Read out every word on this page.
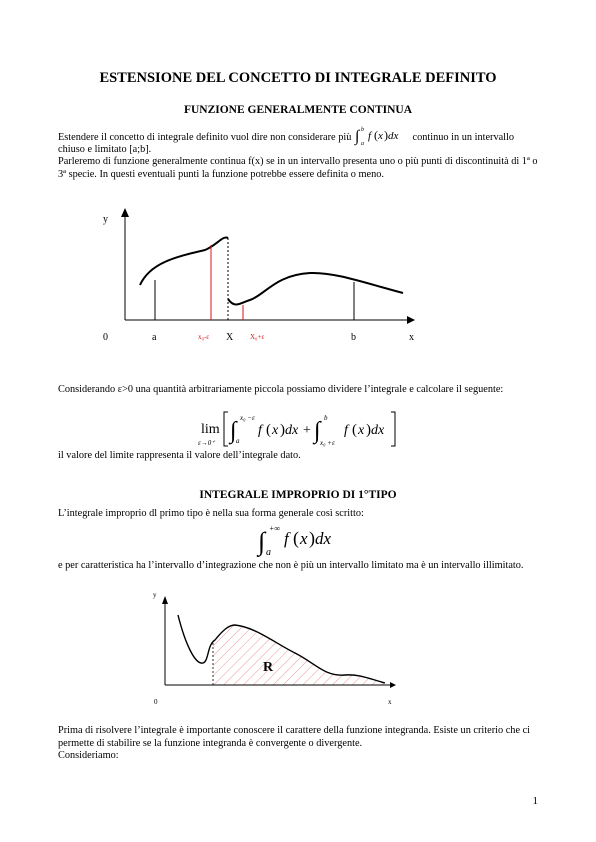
ESTENSIONE DEL CONCETTO DI INTEGRALE DEFINITO
FUNZIONE GENERALMENTE CONTINUA
Estendere il concetto di integrale definito vuol dire non considerare più ∫ b
a
f ( x ) dx continuo in un intervallo
chiuso e limitato [a;b].
Parleremo di funzione generalmente continua f(x) se in un intervallo presenta uno o più punti di discontinuità di 1ª o 3ª specie. In questi eventuali punti la funzione potrebbe essere definita o meno.
y
0	a	x₀-ε X X₀+ε	b	x
Considerando ε>0 una quantità arbitrariamente piccola possiamo dividere l’integrale e calcolare il seguente:
lim
ε→0⁺ ∫ x₀ −ε
a
f ( x ) dx + ∫ b
x₀ +ε
f ( x ) dx
il valore del limite rappresenta il valore dell’integrale dato.
INTEGRALE IMPROPRIO DI 1°TIPO
L’integrale improprio dl primo tipo è nella sua forma generale così scritto:
∫ +∞
a
f ( x ) dx
e per caratteristica ha l’intervallo d’integrazione che non è più un intervallo limitato ma è un intervallo illimitato.
y
0	x
R
Prima di risolvere l’integrale è importante conoscere il carattere della funzione integranda. Esiste un criterio che ci permette di stabilire se la funzione integranda è convergente o divergente.
Consideriamo:
1
